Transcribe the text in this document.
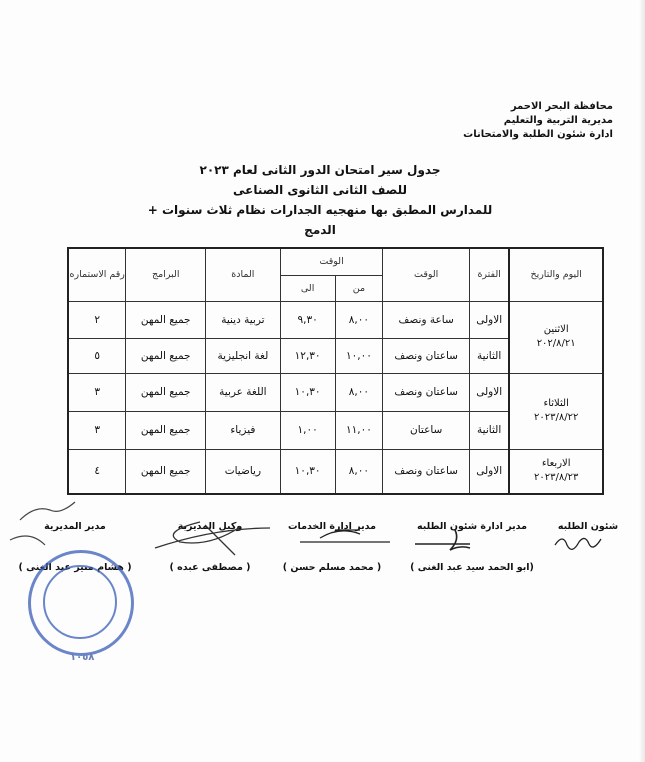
محافظة البحر الاحمر
مديرية التربية والتعليم
ادارة شئون الطلبة والامتحانات
جدول سير امتحان الدور الثانى لعام ٢٠٢٣
للصف الثانى الثانوى الصناعى
للمدارس المطبق بها منهجيه الجدارات نظام ثلاث سنوات + الدمج
اليوم والتاريخ	الفترة	الوقت	الوقت		المادة	البرامج	رقم الاستماره
			من	الى			

الاثنين
٢٠٢/٨/٢١	الاولى	ساعة ونصف	٨,٠٠	٩,٣٠	تربية دينية	جميع المهن	٢
	الثانية	ساعتان ونصف	١٠,٠٠	١٢,٣٠	لغة انجليزية	جميع المهن	٥

الثلاثاء
٢٠٢٣/٨/٢٢	الاولى	ساعتان ونصف	٨,٠٠	١٠,٣٠	اللغة عربية	جميع المهن	٣
	الثانية	ساعتان	١١,٠٠	١,٠٠	فيزياء	جميع المهن	٣

الاربعاء
٢٠٢٣/٨/٢٣	الاولى	ساعتان ونصف	٨,٠٠	١٠,٣٠	رياضيات	جميع المهن	٤
شئون الطلبه
مدير ادارة شئون الطلبه
(ابو الحمد سيد عبد الغنى )
مدير ادارة الخدمات
( محمد مسلم حسن )
وكيل المديرية
( مصطفى عبده )
مدير المديرية
( هشام منير عبد الغنى )
١٠٥٨
